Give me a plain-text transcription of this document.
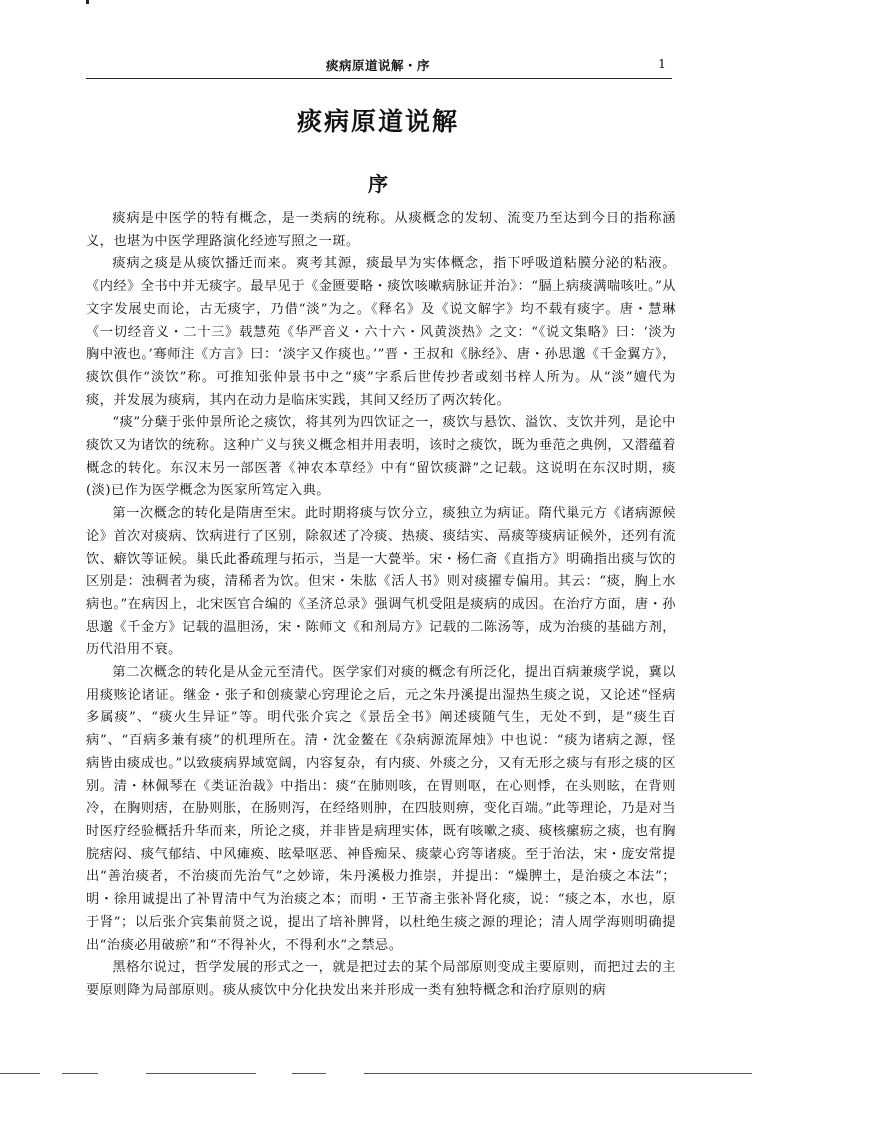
痰病原道说解・序	1
痰病原道说解
序

痰病是中医学的特有概念，是一类病的统称。从痰概念的发轫、流变乃至达到今日的指称涵义，也堪为中医学理路演化经迹写照之一斑。

痰病之痰是从痰饮播迁而来。爽考其源，痰最早为实体概念，指下呼吸道粘膜分泌的粘液。《内经》全书中并无痰字。最早见于《金匮要略・痰饮咳嗽病脉证并治》：“膈上病痰满喘咳吐。”从文字发展史而论，古无痰字，乃借“淡”为之。《释名》及《说文解字》均不载有痰字。唐・慧琳《一切经音义・二十三》载慧苑《华严音义・六十六・风黄淡热》之文：“《说文集略》曰：‘淡为胸中液也。’骞师注《方言》曰：‘淡字又作痰也。’”晋・王叔和《脉经》、唐・孙思邈《千金翼方》，痰饮俱作“淡饮”称。可推知张仲景书中之“痰”字系后世传抄者或刻书梓人所为。从“淡”嬗代为痰，并发展为痰病，其内在动力是临床实践，其间又经历了两次转化。

“痰”分蘖于张仲景所论之痰饮，将其列为四饮证之一，痰饮与悬饮、溢饮、支饮并列，是论中痰饮又为诸饮的统称。这种广义与狭义概念相并用表明，该时之痰饮，既为垂范之典例，又潜蕴着概念的转化。东汉末另一部医著《神农本草经》中有“留饮痰澼”之记载。这说明在东汉时期，痰(淡)已作为医学概念为医家所笃定入典。

第一次概念的转化是隋唐至宋。此时期将痰与饮分立，痰独立为病证。隋代巢元方《诸病源候论》首次对痰病、饮病进行了区别，除叙述了冷痰、热痰、痰结实、鬲痰等痰病证候外，还列有流饮、癖饮等证候。巢氏此番疏理与拓示，当是一大甍举。宋・杨仁斋《直指方》明确指出痰与饮的区别是：浊稠者为痰，清稀者为饮。但宋・朱肱《活人书》则对痰擢专偏用。其云：“痰，胸上水病也。”在病因上，北宋医官合编的《圣济总录》强调气机受阻是痰病的成因。在治疗方面，唐・孙思邈《千金方》记载的温胆汤，宋・陈师文《和剂局方》记载的二陈汤等，成为治痰的基础方剂，历代沿用不衰。

第二次概念的转化是从金元至清代。医学家们对痰的概念有所泛化，提出百病兼痰学说，冀以用痰赅论诸证。继金・张子和创痰蒙心窍理论之后，元之朱丹溪提出湿热生痰之说，又论述“怪病多属痰”、“痰火生异证”等。明代张介宾之《景岳全书》阐述痰随气生，无处不到，是“痰生百病”、“百病多兼有痰”的机理所在。清・沈金鳌在《杂病源流犀烛》中也说：“痰为诸病之源，怪病皆由痰成也。”以致痰病界域宽阔，内容复杂，有内痰、外痰之分，又有无形之痰与有形之痰的区别。清・林佩琴在《类证治裁》中指出：痰“在肺则咳，在胃则呕，在心则悸，在头则眩，在背则冷，在胸则痞，在胁则胀，在肠则泻，在经络则肿，在四肢则痹，变化百端。”此等理论，乃是对当时医疗经验概括升华而来，所论之痰，并非皆是病理实体，既有咳嗽之痰、痰核瘰疬之痰，也有胸脘痞闷、痰气郁结、中风瘫痪、眩晕呕恶、神昏痴呆、痰蒙心窍等诸痰。至于治法，宋・庞安常提出“善治痰者，不治痰而先治气”之妙谛，朱丹溪极力推崇，并提出：“燥脾土，是治痰之本法”；明・徐用诚提出了补胃清中气为治痰之本；而明・王节斋主张补肾化痰，说：“痰之本，水也，原于肾”；以后张介宾集前贤之说，提出了培补脾肾，以杜绝生痰之源的理论；清人周学海则明确提出“治痰必用破瘀”和“不得补火，不得利水”之禁忌。

黑格尔说过，哲学发展的形式之一，就是把过去的某个局部原则变成主要原则，而把过去的主要原则降为局部原则。痰从痰饮中分化抉发出来并形成一类有独特概念和治疗原则的病
